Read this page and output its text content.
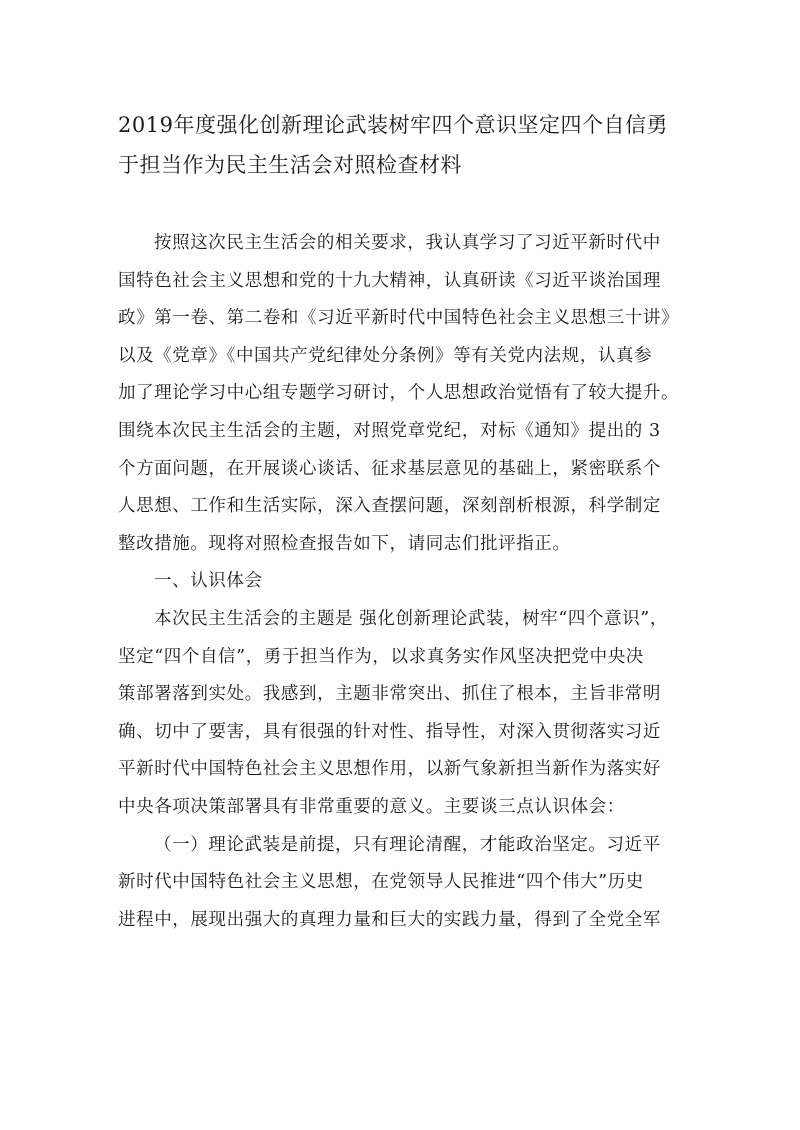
2019年度强化创新理论武装树牢四个意识坚定四个自信勇
于担当作为民主生活会对照检查材料
按照这次民主生活会的相关要求，我认真学习了习近平新时代中
国特色社会主义思想和党的十九大精神，认真研读《习近平谈治国理
政》第一卷、第二卷和《习近平新时代中国特色社会主义思想三十讲》
以及《党章》《中国共产党纪律处分条例》等有关党内法规，认真参
加了理论学习中心组专题学习研讨，个人思想政治觉悟有了较大提升。
围绕本次民主生活会的主题，对照党章党纪，对标《通知》提出的 3
个方面问题，在开展谈心谈话、征求基层意见的基础上，紧密联系个
人思想、工作和生活实际，深入查摆问题，深刻剖析根源，科学制定
整改措施。现将对照检查报告如下，请同志们批评指正。
一、认识体会
本次民主生活会的主题是 强化创新理论武装，树牢“四个意识”，
坚定“四个自信”，勇于担当作为，以求真务实作风坚决把党中央决
策部署落到实处。我感到，主题非常突出、抓住了根本，主旨非常明
确、切中了要害，具有很强的针对性、指导性，对深入贯彻落实习近
平新时代中国特色社会主义思想作用，以新气象新担当新作为落实好
中央各项决策部署具有非常重要的意义。主要谈三点认识体会：
（一）理论武装是前提，只有理论清醒，才能政治坚定。习近平
新时代中国特色社会主义思想，在党领导人民推进“四个伟大”历史
进程中，展现出强大的真理力量和巨大的实践力量，得到了全党全军
